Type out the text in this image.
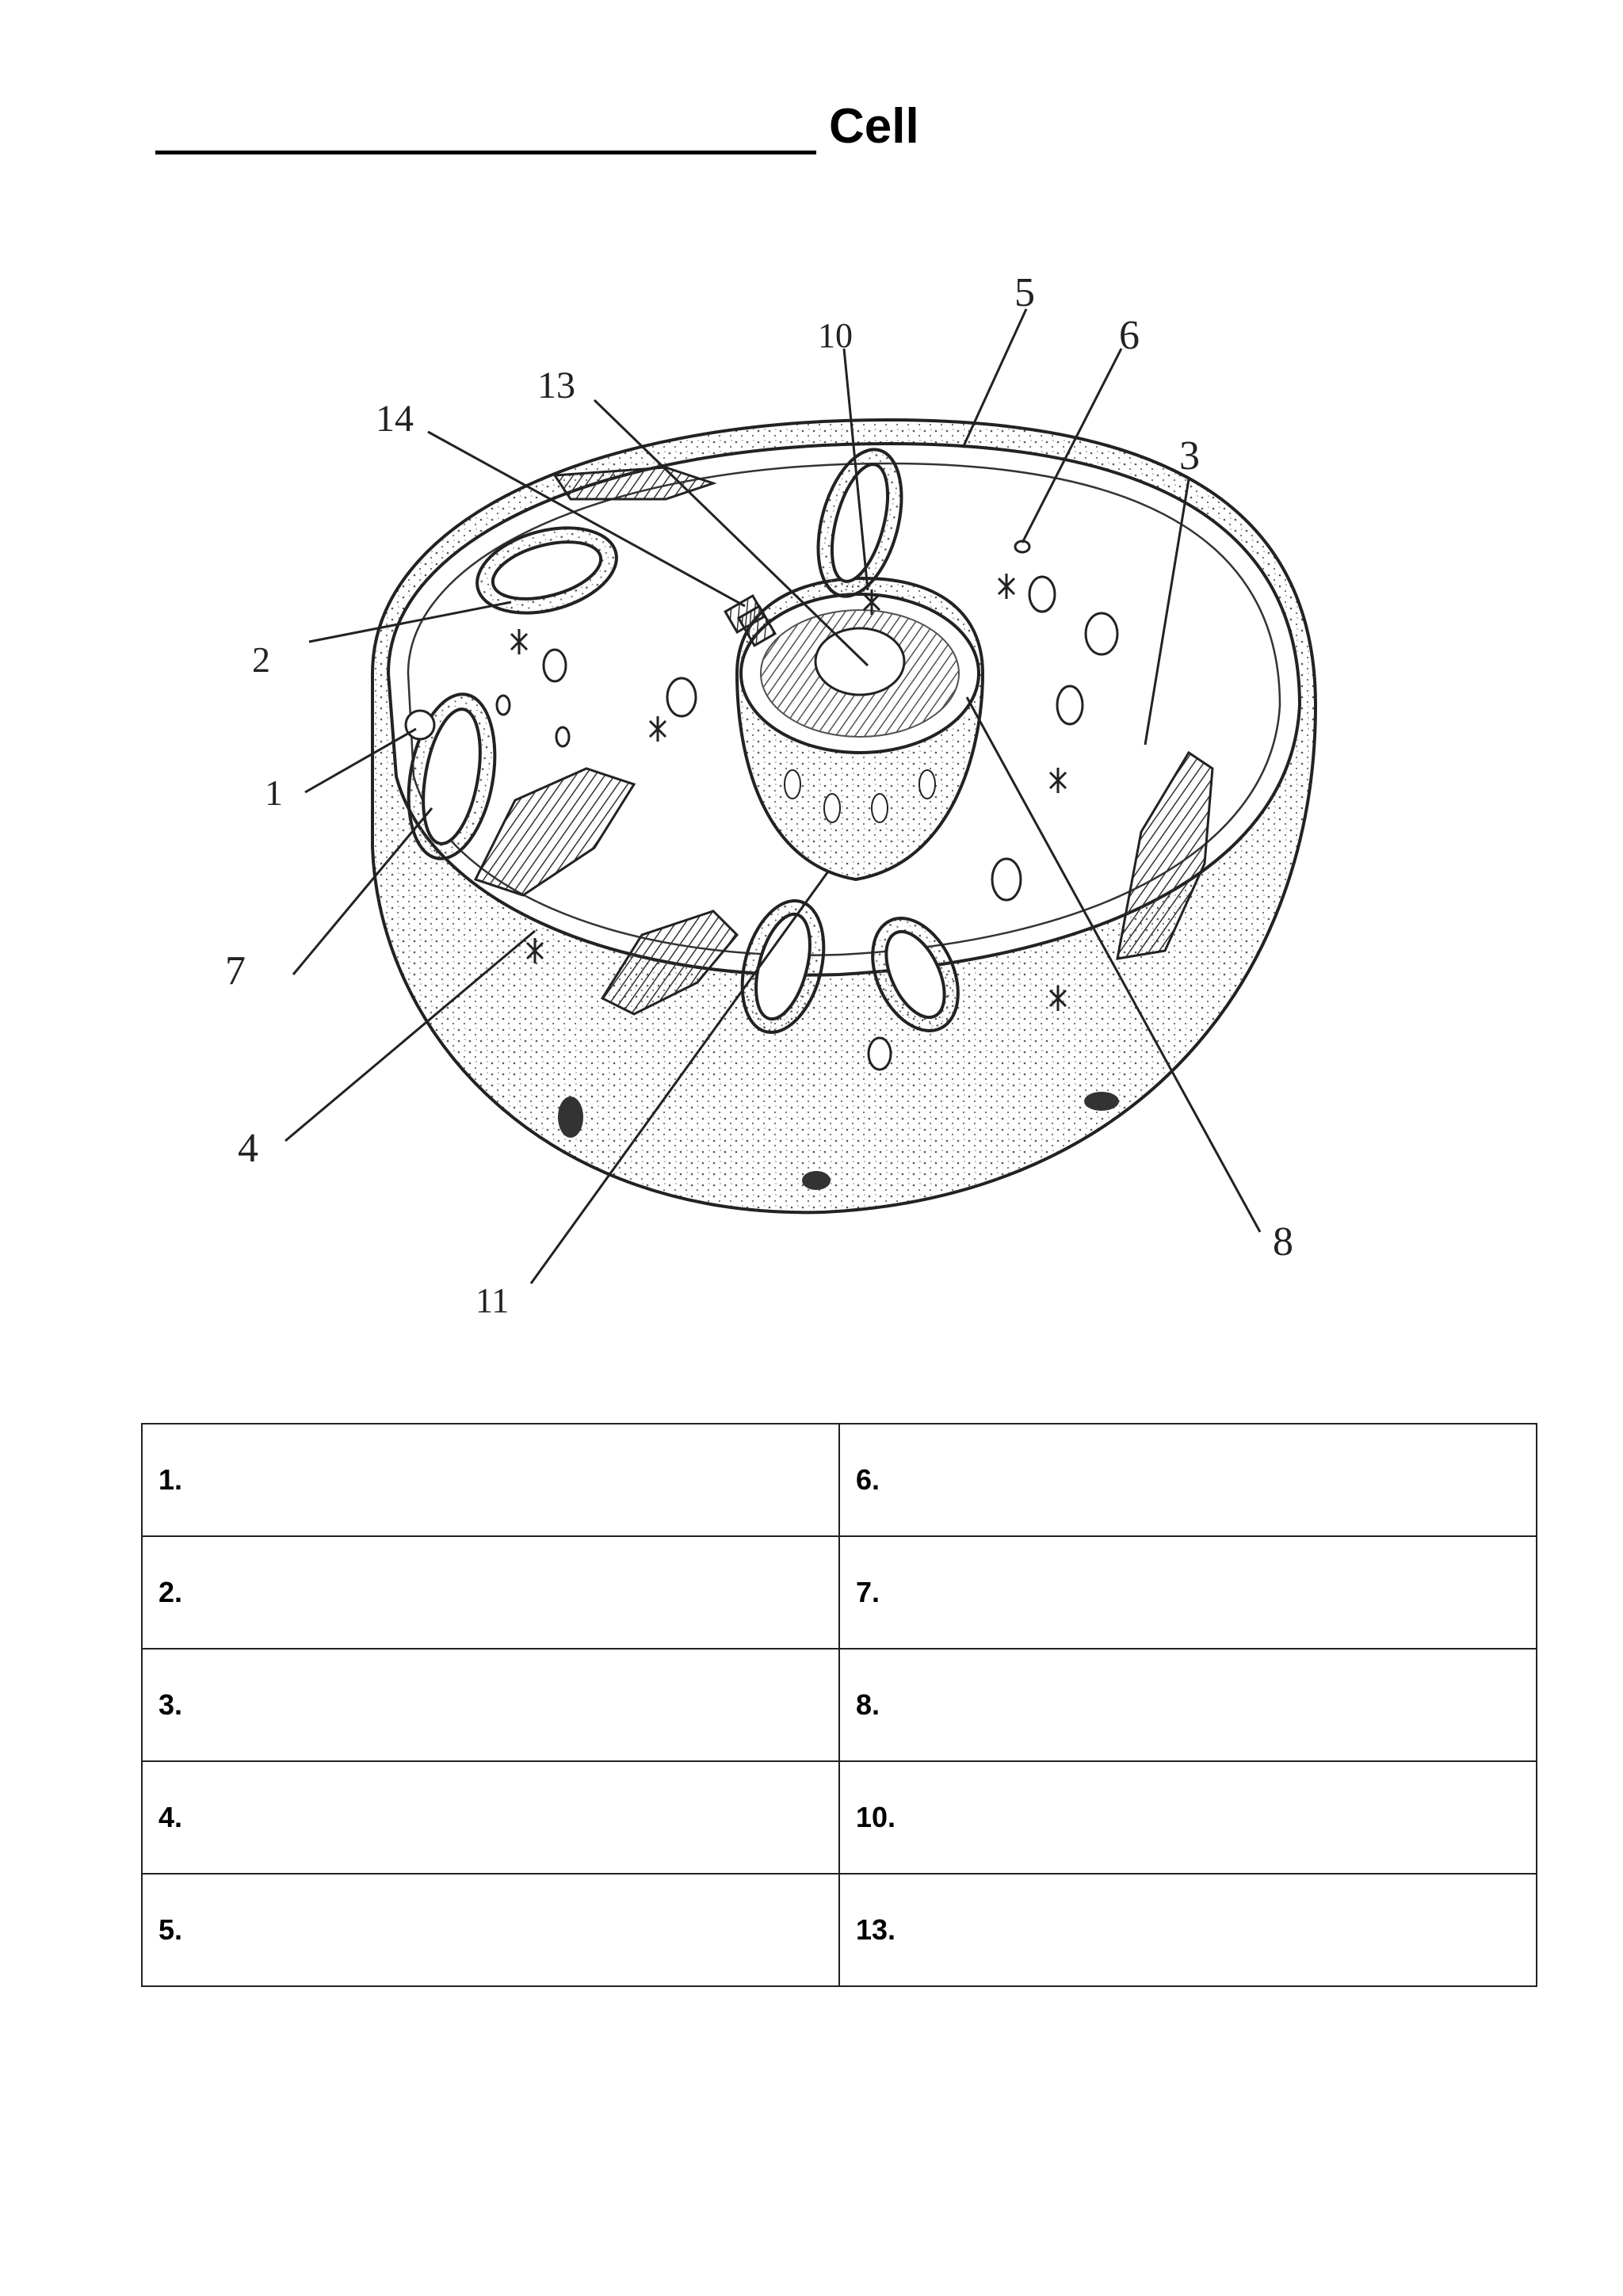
Cell
5
10	6
13
14
3
2
1
7
4
11
8
1.	6.
2.	7.
3.	8.
4.	10.
5.	13.
